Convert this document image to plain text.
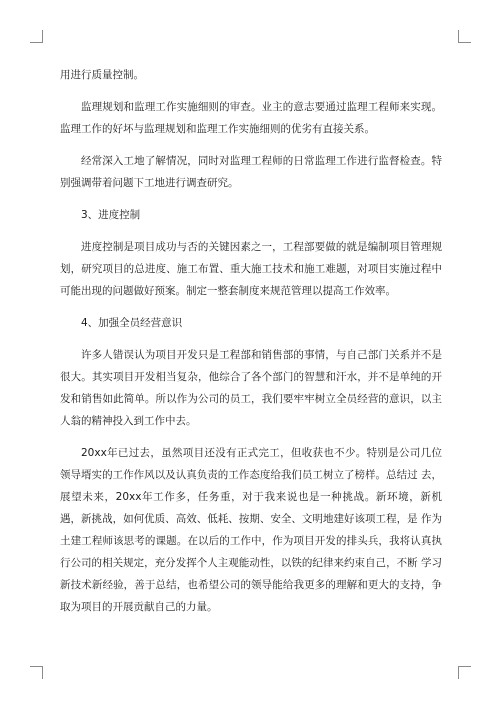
用进行质量控制。

监理规划和监理工作实施细则的审查。业主的意志要通过监理工程师来实现。监理工作的好坏与监理规划和监理工作实施细则的优劣有直接关系。

经常深入工地了解情况，同时对监理工程师的日常监理工作进行监督检查。特别强调带着问题下工地进行调查研究。

3、进度控制

进度控制是项目成功与否的关键因素之一，工程部要做的就是编制项目管理规划，研究项目的总进度、施工布置、重大施工技术和施工难题，对项目实施过程中可能出现的问题做好预案。制定一整套制度来规范管理以提高工作效率。

4、加强全员经营意识

许多人错误认为项目开发只是工程部和销售部的事情，与自己部门关系并不是很大。其实项目开发相当复杂，他综合了各个部门的智慧和汗水，并不是单纯的开发和销售如此简单。所以作为公司的员工，我们要牢牢树立全员经营的意识，以主人翁的精神投入到工作中去。

20xx年已过去，虽然项目还没有正式完工，但收获也不少。特别是公司几位领导壻实的工作作风以及认真负责的工作态度给我们员工树立了榜样。总结过 去，展望未来，20xx年工作多，任务重，对于我来说也是一种挑战。新环境，新机遇，新挑战，如何优质、高效、低耗、按期、安全、文明地建好该项工程，是 作为土建工程师该思考的课题。在以后的工作中，作为项目开发的排头兵，我将认真执行公司的相关规定，充分发挥个人主观能动性，以铁的纪律来约束自己，不断 学习新技术新经验，善于总结，也希望公司的领导能给我更多的理解和更大的支持，争取为项目的开展贡献自己的力量。
